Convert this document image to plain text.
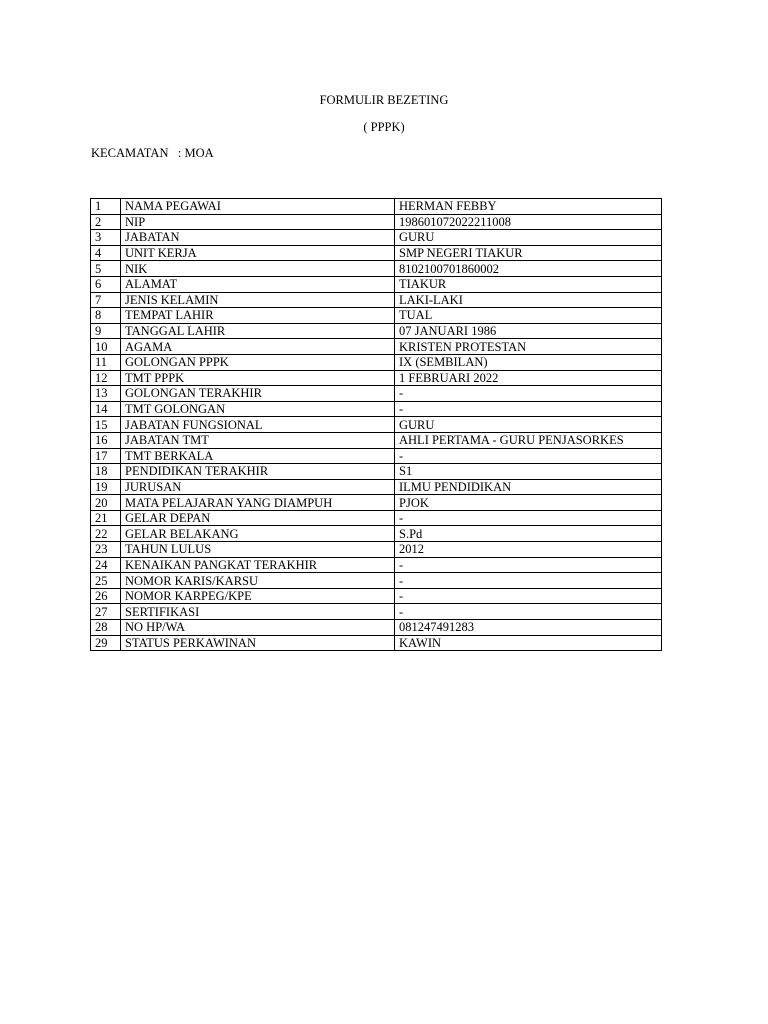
FORMULIR BEZETING
( PPPK)
KECAMATAN : MOA
1	NAMA PEGAWAI	HERMAN FEBBY
2	NIP	198601072022211008
3	JABATAN	GURU
4	UNIT KERJA	SMP NEGERI TIAKUR
5	NIK	8102100701860002
6	ALAMAT	TIAKUR
7	JENIS KELAMIN	LAKI-LAKI
8	TEMPAT LAHIR	TUAL
9	TANGGAL LAHIR	07 JANUARI 1986
10	AGAMA	KRISTEN PROTESTAN
11	GOLONGAN PPPK	IX (SEMBILAN)
12	TMT PPPK	1 FEBRUARI 2022
13	GOLONGAN TERAKHIR	-
14	TMT GOLONGAN	-
15	JABATAN FUNGSIONAL	GURU
16	JABATAN TMT	AHLI PERTAMA - GURU PENJASORKES
17	TMT BERKALA	-
18	PENDIDIKAN TERAKHIR	S1
19	JURUSAN	ILMU PENDIDIKAN
20	MATA PELAJARAN YANG DIAMPUH	PJOK
21	GELAR DEPAN	-
22	GELAR BELAKANG	S.Pd
23	TAHUN LULUS	2012
24	KENAIKAN PANGKAT TERAKHIR	-
25	NOMOR KARIS/KARSU	-
26	NOMOR KARPEG/KPE	-
27	SERTIFIKASI	-
28	NO HP/WA	081247491283
29	STATUS PERKAWINAN	KAWIN
